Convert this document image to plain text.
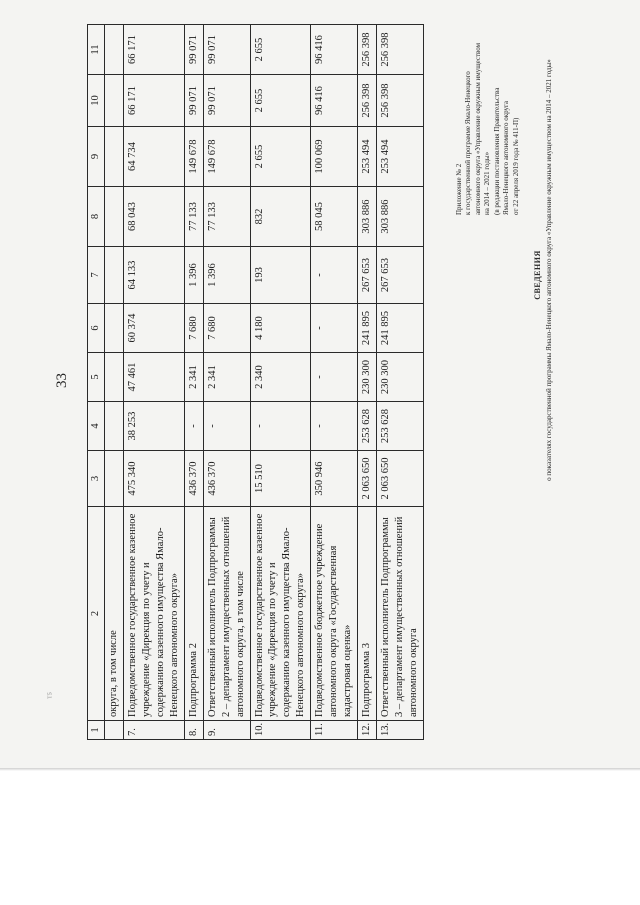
33
ᵀ⁵
1	2	3	4	5	6	7	8	9	10	11
	округа, в том числе									
7.	Подведомственное государственное казенное учреждение «Дирекция по учету и содержанию казенного имущества Ямало-Ненецкого автономного округа»	475 340	38 253	47 461	60 374	64 133	68 043	64 734	66 171	66 171
8.	Подпрограмма 2	436 370	-	2 341	7 680	1 396	77 133	149 678	99 071	99 071
9.	Ответственный исполнитель Подпрограммы 2 – департамент имущественных отношений автономного округа, в том числе	436 370	-	2 341	7 680	1 396	77 133	149 678	99 071	99 071
10.	Подведомственное государственное казенное учреждение «Дирекция по учету и содержанию казенного имущества Ямало-Ненецкого автономного округа»	15 510	-	2 340	4 180	193	832	2 655	2 655	2 655
11.	Подведомственное бюджетное учреждение автономного округа «Государственная кадастровая оценка»	350 946	-	-	-	-	58 045	100 069	96 416	96 416
12.	Подпрограмма 3	2 063 650	253 628	230 300	241 895	267 653	303 886	253 494	256 398	256 398
13.	Ответственный исполнитель Подпрограммы 3 – департамент имущественных отношений автономного округа	2 063 650	253 628	230 300	241 895	267 653	303 886	253 494	256 398	256 398
Приложение № 2 к государственной программе Ямало-Ненецкого автономного округа «Управление окружным имуществом на 2014 – 2021 годы» (в редакции постановления Правительства Ямало-Ненецкого автономного округа от 22 апреля 2019 года № 411-П)
СВЕДЕНИЯ о показателях государственной программы Ямало-Ненецкого автономного округа «Управление окружным имуществом на 2014 – 2021 годы»
